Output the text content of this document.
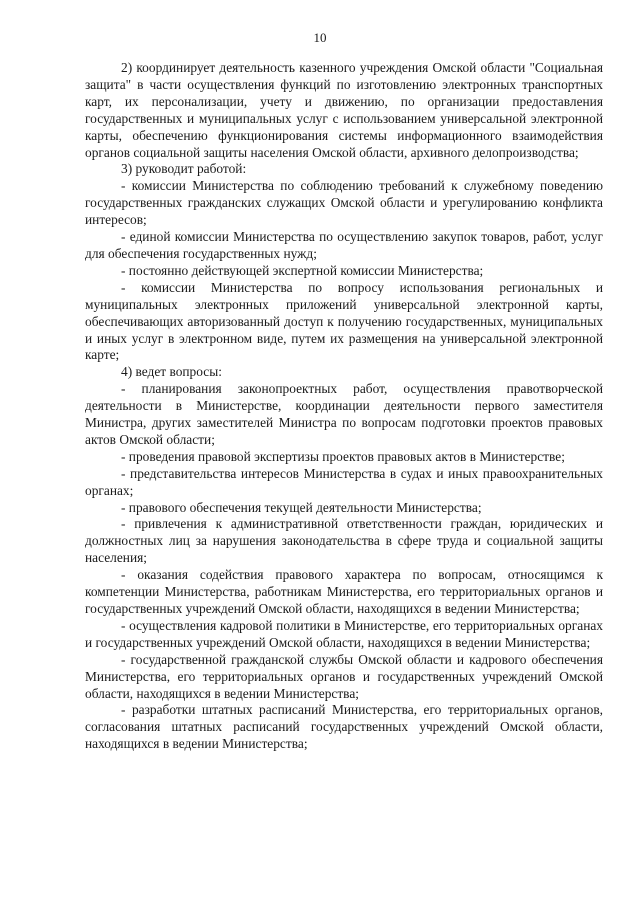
10

2) координирует деятельность казенного учреждения Омской области "Социальная защита" в части осуществления функций по изготовлению электронных транспортных карт, их персонализации, учету и движению, по организации предоставления государственных и муниципальных услуг с использованием универсальной электронной карты, обеспечению функционирования системы информационного взаимодействия органов социальной защиты населения Омской области, архивного делопроизводства;

3) руководит работой:

- комиссии Министерства по соблюдению требований к служебному поведению государственных гражданских служащих Омской области и урегулированию конфликта интересов;

- единой комиссии Министерства по осуществлению закупок товаров, работ, услуг для обеспечения государственных нужд;

- постоянно действующей экспертной комиссии Министерства;

- комиссии Министерства по вопросу использования региональных и муниципальных электронных приложений универсальной электронной карты, обеспечивающих авторизованный доступ к получению государственных, муниципальных и иных услуг в электронном виде, путем их размещения на универсальной электронной карте;

4) ведет вопросы:

- планирования законопроектных работ, осуществления правотворческой деятельности в Министерстве, координации деятельности первого заместителя Министра, других заместителей Министра по вопросам подготовки проектов правовых актов Омской области;

- проведения правовой экспертизы проектов правовых актов в Министерстве;

- представительства интересов Министерства в судах и иных правоохранительных органах;

- правового обеспечения текущей деятельности Министерства;

- привлечения к административной ответственности граждан, юридических и должностных лиц за нарушения законодательства в сфере труда и социальной защиты населения;

- оказания содействия правового характера по вопросам, относящимся к компетенции Министерства, работникам Министерства, его территориальных органов и государственных учреждений Омской области, находящихся в ведении Министерства;

- осуществления кадровой политики в Министерстве, его территориальных органах и государственных учреждений Омской области, находящихся в ведении Министерства;

- государственной гражданской службы Омской области и кадрового обеспечения Министерства, его территориальных органов и государственных учреждений Омской области, находящихся в ведении Министерства;

- разработки штатных расписаний Министерства, его территориальных органов, согласования штатных расписаний государственных учреждений Омской области, находящихся в ведении Министерства;
